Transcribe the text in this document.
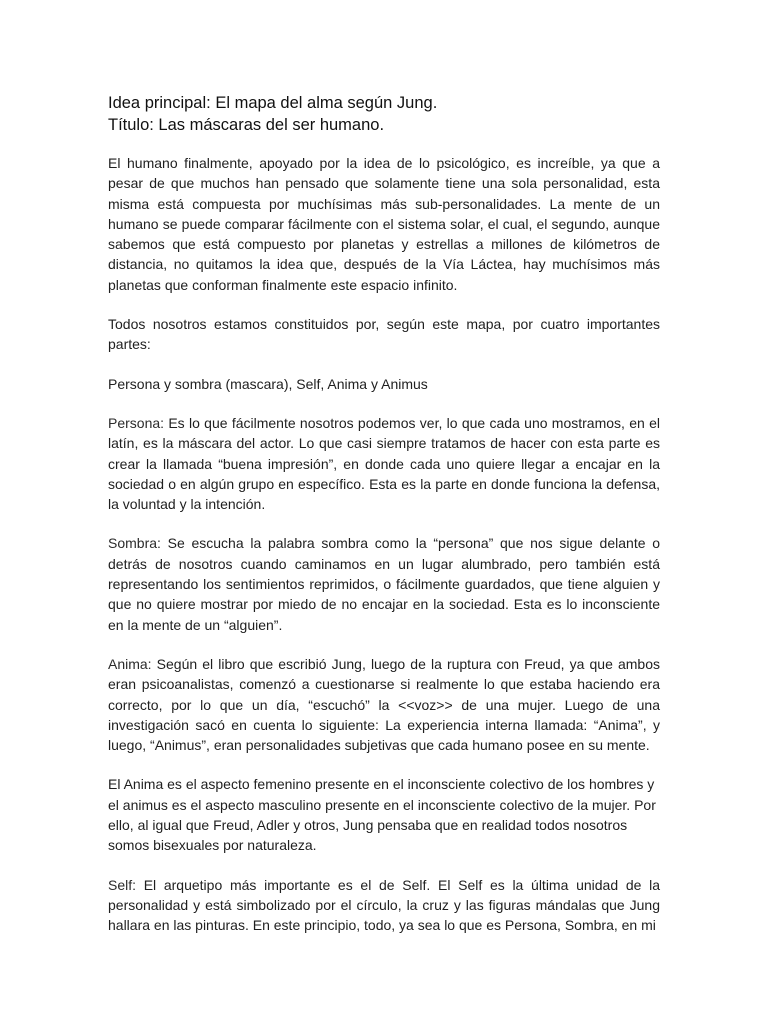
Idea principal: El mapa del alma según Jung.
Título: Las máscaras del ser humano.

El humano finalmente, apoyado por la idea de lo psicológico, es increíble, ya que a pesar de que muchos han pensado que solamente tiene una sola personalidad, esta misma está compuesta por muchísimas más sub-personalidades. La mente de un humano se puede comparar fácilmente con el sistema solar, el cual, el segundo, aunque sabemos que está compuesto por planetas y estrellas a millones de kilómetros de distancia, no quitamos la idea que, después de la Vía Láctea, hay muchísimos más planetas que conforman finalmente este espacio infinito.

Todos nosotros estamos constituidos por, según este mapa, por cuatro importantes partes:

Persona y sombra (mascara), Self, Anima y Animus

Persona: Es lo que fácilmente nosotros podemos ver, lo que cada uno mostramos, en el latín, es la máscara del actor. Lo que casi siempre tratamos de hacer con esta parte es crear la llamada “buena impresión”, en donde cada uno quiere llegar a encajar en la sociedad o en algún grupo en específico. Esta es la parte en donde funciona la defensa, la voluntad y la intención.

Sombra: Se escucha la palabra sombra como la “persona” que nos sigue delante o detrás de nosotros cuando caminamos en un lugar alumbrado, pero también está representando los sentimientos reprimidos, o fácilmente guardados, que tiene alguien y que no quiere mostrar por miedo de no encajar en la sociedad. Esta es lo inconsciente en la mente de un “alguien”.

Anima: Según el libro que escribió Jung, luego de la ruptura con Freud, ya que ambos eran psicoanalistas, comenzó a cuestionarse si realmente lo que estaba haciendo era correcto, por lo que un día, “escuchó” la <<voz>> de una mujer. Luego de una investigación sacó en cuenta lo siguiente: La experiencia interna llamada: “Anima”, y luego, “Animus”, eran personalidades subjetivas que cada humano posee en su mente.

El Anima es el aspecto femenino presente en el inconsciente colectivo de los hombres y el animus es el aspecto masculino presente en el inconsciente colectivo de la mujer. Por ello, al igual que Freud, Adler y otros, Jung pensaba que en realidad todos nosotros somos bisexuales por naturaleza.

Self: El arquetipo más importante es el de Self. El Self es la última unidad de la personalidad y está simbolizado por el círculo, la cruz y las figuras mándalas que Jung hallara en las pinturas. En este principio, todo, ya sea lo que es Persona, Sombra, en mi
